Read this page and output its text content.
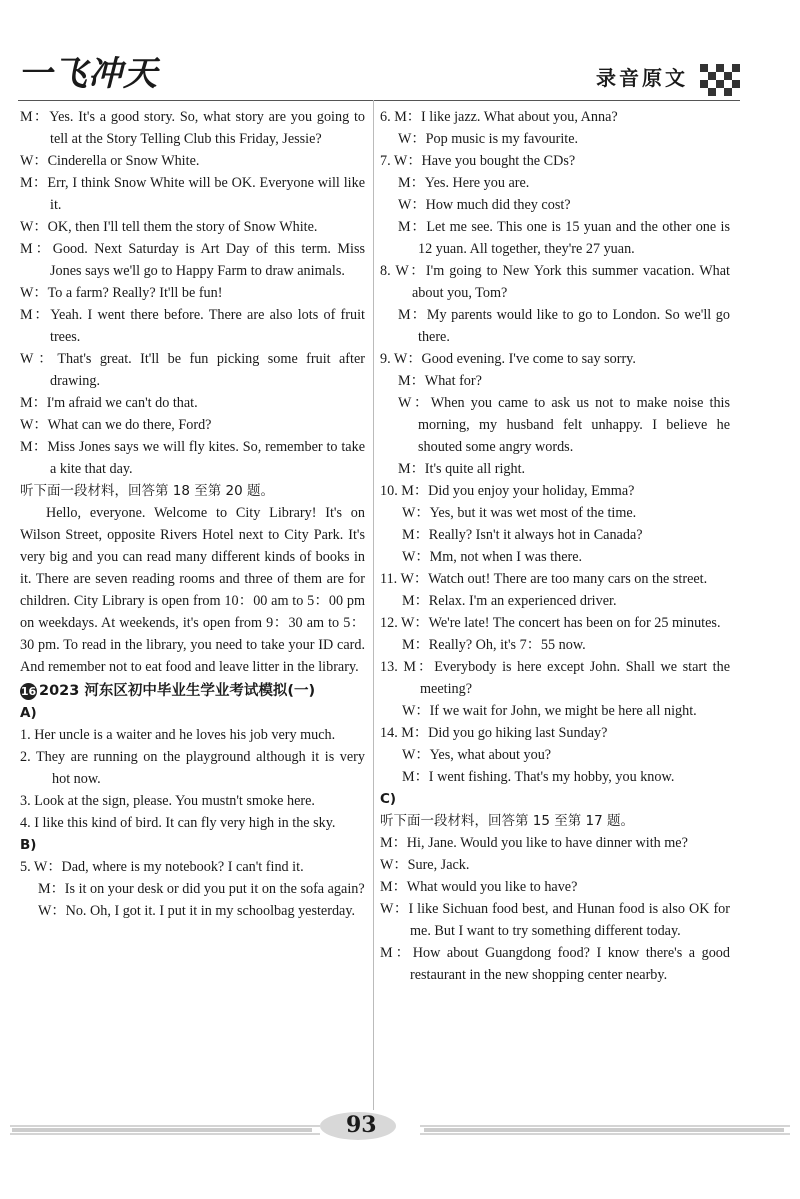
一飞冲天	录音原文
M：Yes. It's a good story. So, what story are you going to tell at the Story Telling Club this Friday, Jessie?
W：Cinderella or Snow White.
M：Err, I think Snow White will be OK. Everyone will like it.
W：OK, then I'll tell them the story of Snow White.
M：Good. Next Saturday is Art Day of this term. Miss Jones says we'll go to Happy Farm to draw animals.
W：To a farm? Really? It'll be fun!
M：Yeah. I went there before. There are also lots of fruit trees.
W：That's great. It'll be fun picking some fruit after drawing.
M：I'm afraid we can't do that.
W：What can we do there, Ford?
M：Miss Jones says we will fly kites. So, remember to take a kite that day.
听下面一段材料，回答第 18 至第 20 题。
Hello, everyone. Welcome to City Library! It's on Wilson Street, opposite Rivers Hotel next to City Park. It's very big and you can read many different kinds of books in it. There are seven reading rooms and three of them are for children. City Library is open from 10：00 am to 5：00 pm on weekdays. At weekends, it's open from 9：30 am to 5：30 pm. To read in the library, you need to take your ID card. And remember not to eat food and leave litter in the library.
16 2023 河东区初中毕业生学业考试模拟(一)
A)
1. Her uncle is a waiter and he loves his job very much.
2. They are running on the playground although it is very hot now.
3. Look at the sign, please. You mustn't smoke here.
4. I like this kind of bird. It can fly very high in the sky.
B)
5. W：Dad, where is my notebook? I can't find it.
M：Is it on your desk or did you put it on the sofa again?
W：No. Oh, I got it. I put it in my schoolbag yesterday.
6. M：I like jazz. What about you, Anna?
W：Pop music is my favourite.
7. W：Have you bought the CDs?
M：Yes. Here you are.
W：How much did they cost?
M：Let me see. This one is 15 yuan and the other one is 12 yuan. All together, they're 27 yuan.
8. W：I'm going to New York this summer vacation. What about you, Tom?
M：My parents would like to go to London. So we'll go there.
9. W：Good evening. I've come to say sorry.
M：What for?
W：When you came to ask us not to make noise this morning, my husband felt unhappy. I believe he shouted some angry words.
M：It's quite all right.
10. M：Did you enjoy your holiday, Emma?
W：Yes, but it was wet most of the time.
M：Really? Isn't it always hot in Canada?
W：Mm, not when I was there.
11. W：Watch out! There are too many cars on the street.
M：Relax. I'm an experienced driver.
12. W：We're late! The concert has been on for 25 minutes.
M：Really? Oh, it's 7：55 now.
13. M：Everybody is here except John. Shall we start the meeting?
W：If we wait for John, we might be here all night.
14. M：Did you go hiking last Sunday?
W：Yes, what about you?
M：I went fishing. That's my hobby, you know.
C)
听下面一段材料，回答第 15 至第 17 题。
M：Hi, Jane. Would you like to have dinner with me?
W：Sure, Jack.
M：What would you like to have?
W：I like Sichuan food best, and Hunan food is also OK for me. But I want to try something different today.
M：How about Guangdong food? I know there's a good restaurant in the new shopping center nearby.
93
